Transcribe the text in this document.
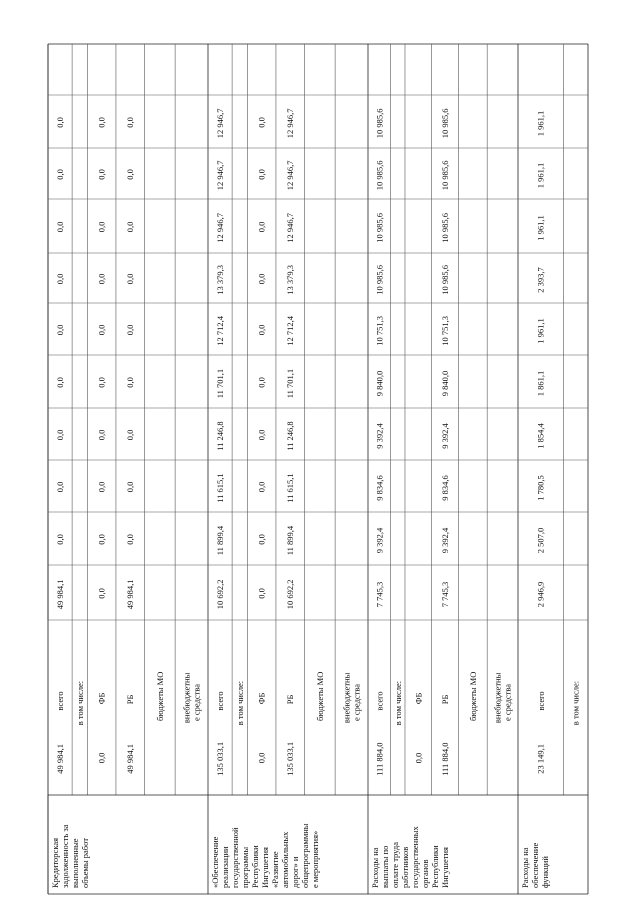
Кредиторская задолженность за выполненные объемы работ
всего
49 984,1
49 984,1
0,0
0,0
0,0
0,0
0,0
0,0
0,0
0,0
0,0
в том числе: ФБ
0,0
0,0
0,0
0,0
0,0
0,0
0,0
0,0
0,0
0,0
0,0
РБ
49 984,1
49 984,1
0,0
0,0
0,0
0,0
0,0
0,0
0,0
0,0
0,0
бюджеты МО внебюджетны е средства
«Обеспечение реализации государственной программы Республики Ингушетия «Развитие автомобильных дорог» и общепрограммны е мероприятия»
всего
135 033,1
10 692,2
11 899,4
11 615,1
11 246,8
11 701,1
12 712,4
13 379,3
12 946,7
12 946,7
12 946,7
в том числе: ФБ
0,0
0,0
0,0
0,0
0,0
0,0
0,0
0,0
0,0
0,0
0,0
РБ
135 033,1
10 692,2
11 899,4
11 615,1
11 246,8
11 701,1
12 712,4
13 379,3
12 946,7
12 946,7
12 946,7
бюджеты МО внебюджетны е средства
Расходы на выплаты по оплате труда работников государственных органов Республики Ингушетия
всего
111 884,0
7 745,3
9 392,4
9 834,6
9 392,4
9 840,0
10 751,3
10 985,6
10 985,6
10 985,6
10 985,6
в том числе: ФБ
0,0
РБ
111 884,0
7 745,3
9 392,4
9 834,6
9 392,4
9 840,0
10 751,3
10 985,6
10 985,6
10 985,6
10 985,6
бюджеты МО внебюджетны е средства
Расходы на обеспечение функций
всего
23 149,1
2 946,9
2 507,0
1 780,5
1 854,4
1 861,1
1 961,1
2 393,7
1 961,1
1 961,1
1 961,1
в том числе:
